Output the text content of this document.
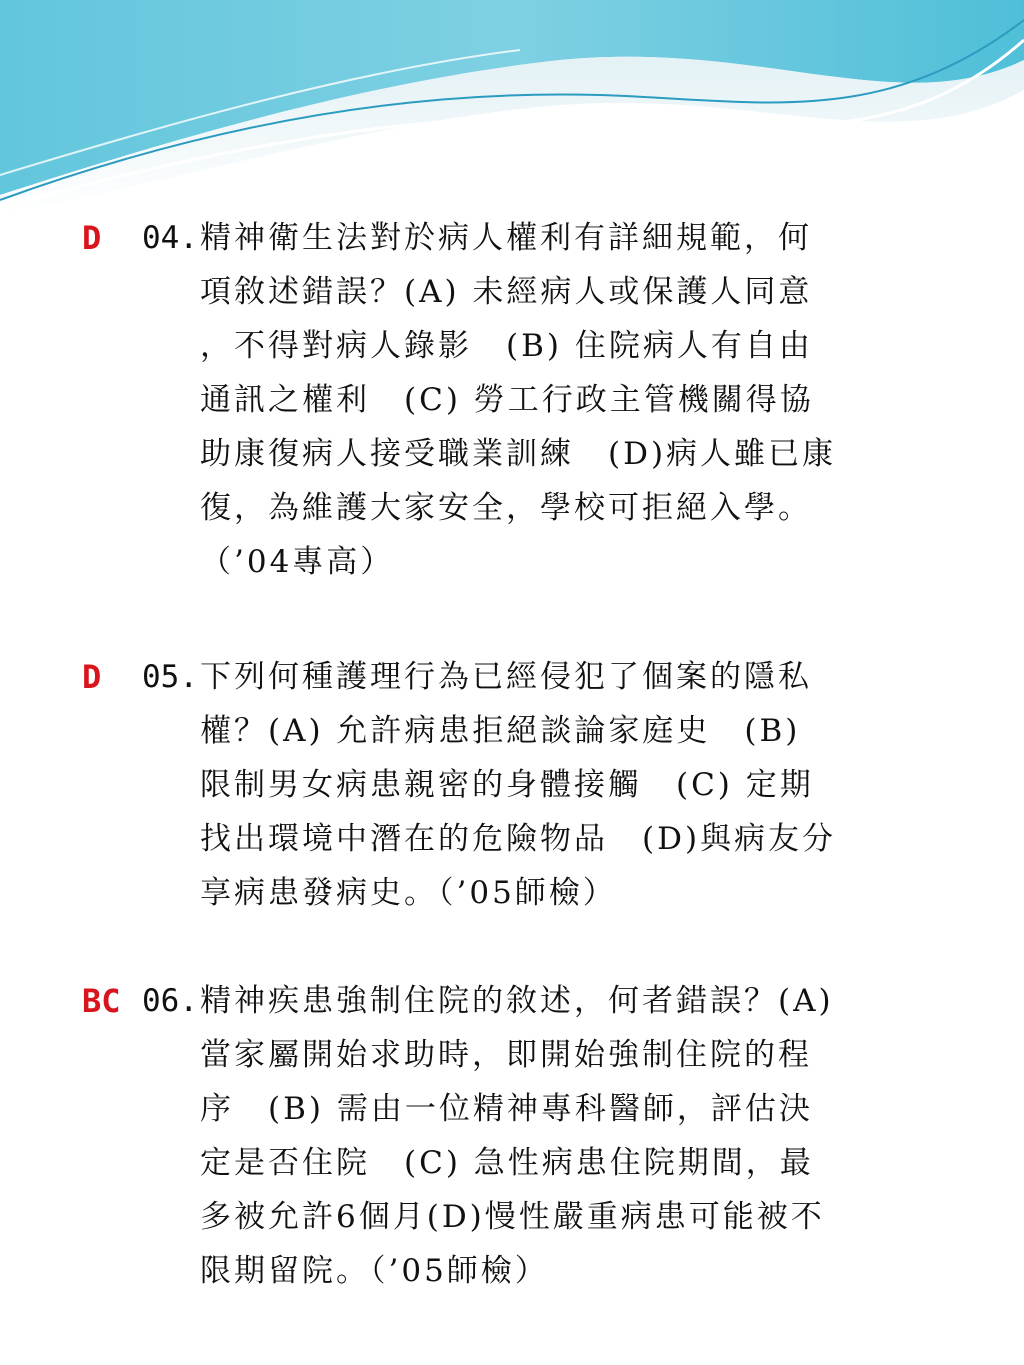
D 04. 精神衛生法對於病人權利有詳細規範，何
項敘述錯誤？(A) 未經病人或保護人同意
，不得對病人錄影　(B) 住院病人有自由
通訊之權利　(C) 勞工行政主管機關得協
助康復病人接受職業訓練　(D)病人雖已康
復，為維護大家安全，學校可拒絕入學。
（’04專高）
D 05. 下列何種護理行為已經侵犯了個案的隱私
權？(A) 允許病患拒絕談論家庭史　(B)
限制男女病患親密的身體接觸　(C) 定期
找出環境中潛在的危險物品　(D)與病友分
享病患發病史。（’05師檢）
BC 06. 精神疾患強制住院的敘述，何者錯誤？(A)
當家屬開始求助時，即開始強制住院的程
序　(B) 需由一位精神專科醫師，評估決
定是否住院　(C) 急性病患住院期間，最
多被允許6個月(D)慢性嚴重病患可能被不
限期留院。（’05師檢）
